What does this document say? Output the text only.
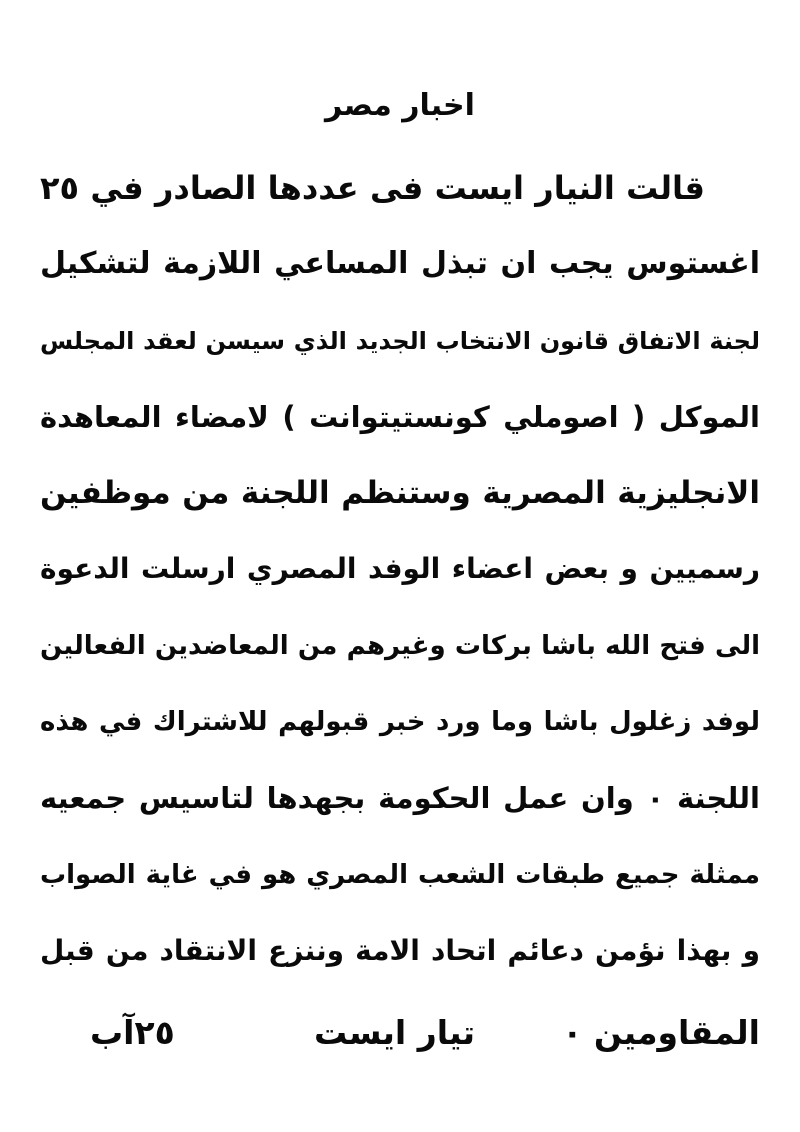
اخبار مصر
قالت النيار ايست فى عددها الصادر في ٢٥
اغستوس يجب ان تبذل المساعي اللازمة لتشكيل
لجنة الاتفاق قانون الانتخاب الجديد الذي سيسن لعقد المجلس
الموكل ( اصوملي كونستيتوانت ) لامضاء المعاهدة
الانجليزية المصرية وستنظم اللجنة من موظفين
رسميين و بعض اعضاء الوفد المصري ارسلت الدعوة
الى فتح الله باشا بركات وغيرهم من المعاضدين الفعالين
لوفد زغلول باشا وما ورد خبر قبولهم للاشتراك في هذه
اللجنة ٠ وان عمل الحكومة بجهدها لتاسيس جمعيه
ممثلة جميع طبقات الشعب المصري هو في غاية الصواب
و بهذا نؤمن دعائم اتحاد الامة وننزع الانتقاد من قبل
المقاومين ٠
تيار ايست
٢٥آب
